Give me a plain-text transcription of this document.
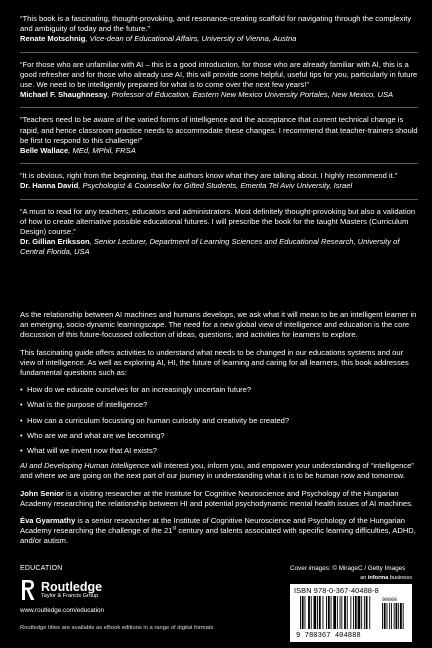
“This book is a fascinating, thought-provoking, and resonance-creating scaffold for navigating through the complexity and ambiguity of today and the future.”
Renate Motschnig, Vice-dean of Educational Affairs, University of Vienna, Austria
“For those who are unfamiliar with AI – this is a good introduction, for those who are already familiar with AI, this is a good refresher and for those who already use AI, this will provide some helpful, useful tips for you, particularly in future use. We need to be intelligently prepared for what is to come over the next few years!”
Michael F. Shaughnessy, Professor of Education, Eastern New Mexico University Portales, New Mexico, USA
“Teachers need to be aware of the varied forms of intelligence and the acceptance that current technical change is rapid, and hence classroom practice needs to accommodate these changes. I recommend that teacher-trainers should be first to respond to this challenge!”
Belle Wallace, MEd, MPhil, FRSA
“It is obvious, right from the beginning, that the authors know what they are talking about. I highly recommend it.”
Dr. Hanna David, Psychologist & Counsellor for Gifted Students, Emerita Tel Aviv University, Israel
“A must to read for any teachers, educators and administrators. Most definitely thought-provoking but also a validation of how to create alternative possible educational futures. I will prescribe the book for the taught Masters (Curriculum Design) course.”
Dr. Gillian Eriksson, Senior Lecturer, Department of Learning Sciences and Educational Research, University of Central Florida, USA

As the relationship between AI machines and humans develops, we ask what it will mean to be an intelligent learner in an emerging, socio-dynamic learningscape. The need for a new global view of intelligence and education is the core discussion of this future-focussed collection of ideas, questions, and activities for learners to explore.

This fascinating guide offers activities to understand what needs to be changed in our educations systems and our view of intelligence. As well as exploring AI, HI, the future of learning and caring for all learners, this book addresses fundamental questions such as:

• How do we educate ourselves for an increasingly uncertain future?
• What is the purpose of intelligence?
• How can a curriculum focussing on human curiosity and creativity be created?
• Who are we and what are we becoming?
• What will we invent now that AI exists?

AI and Developing Human Intelligence will interest you, inform you, and empower your understanding of “intelligence” and where we are going on the next part of our journey in understanding what it is to be human now and tomorrow.

John Senior is a visiting researcher at the Institute for Cognitive Neuroscience and Psychology of the Hungarian Academy researching the relationship between HI and potential psychodynamic mental health issues of AI machines.

Éva Gyarmathy is a senior researcher at the Institute of Cognitive Neuroscience and Psychology of the Hungarian Academy researching the challenge of the 21st century and talents associated with specific learning difficulties, ADHD, and/or autism.

EDUCATION
Routledge
Taylor & Francis Group
www.routledge.com/education
Routledge titles are available as eBook editions in a range of digital formats
Cover images: © MirageC / Getty Images
an informa business
ISBN 978-0-367-40488-8
9 780367 404888
90000
